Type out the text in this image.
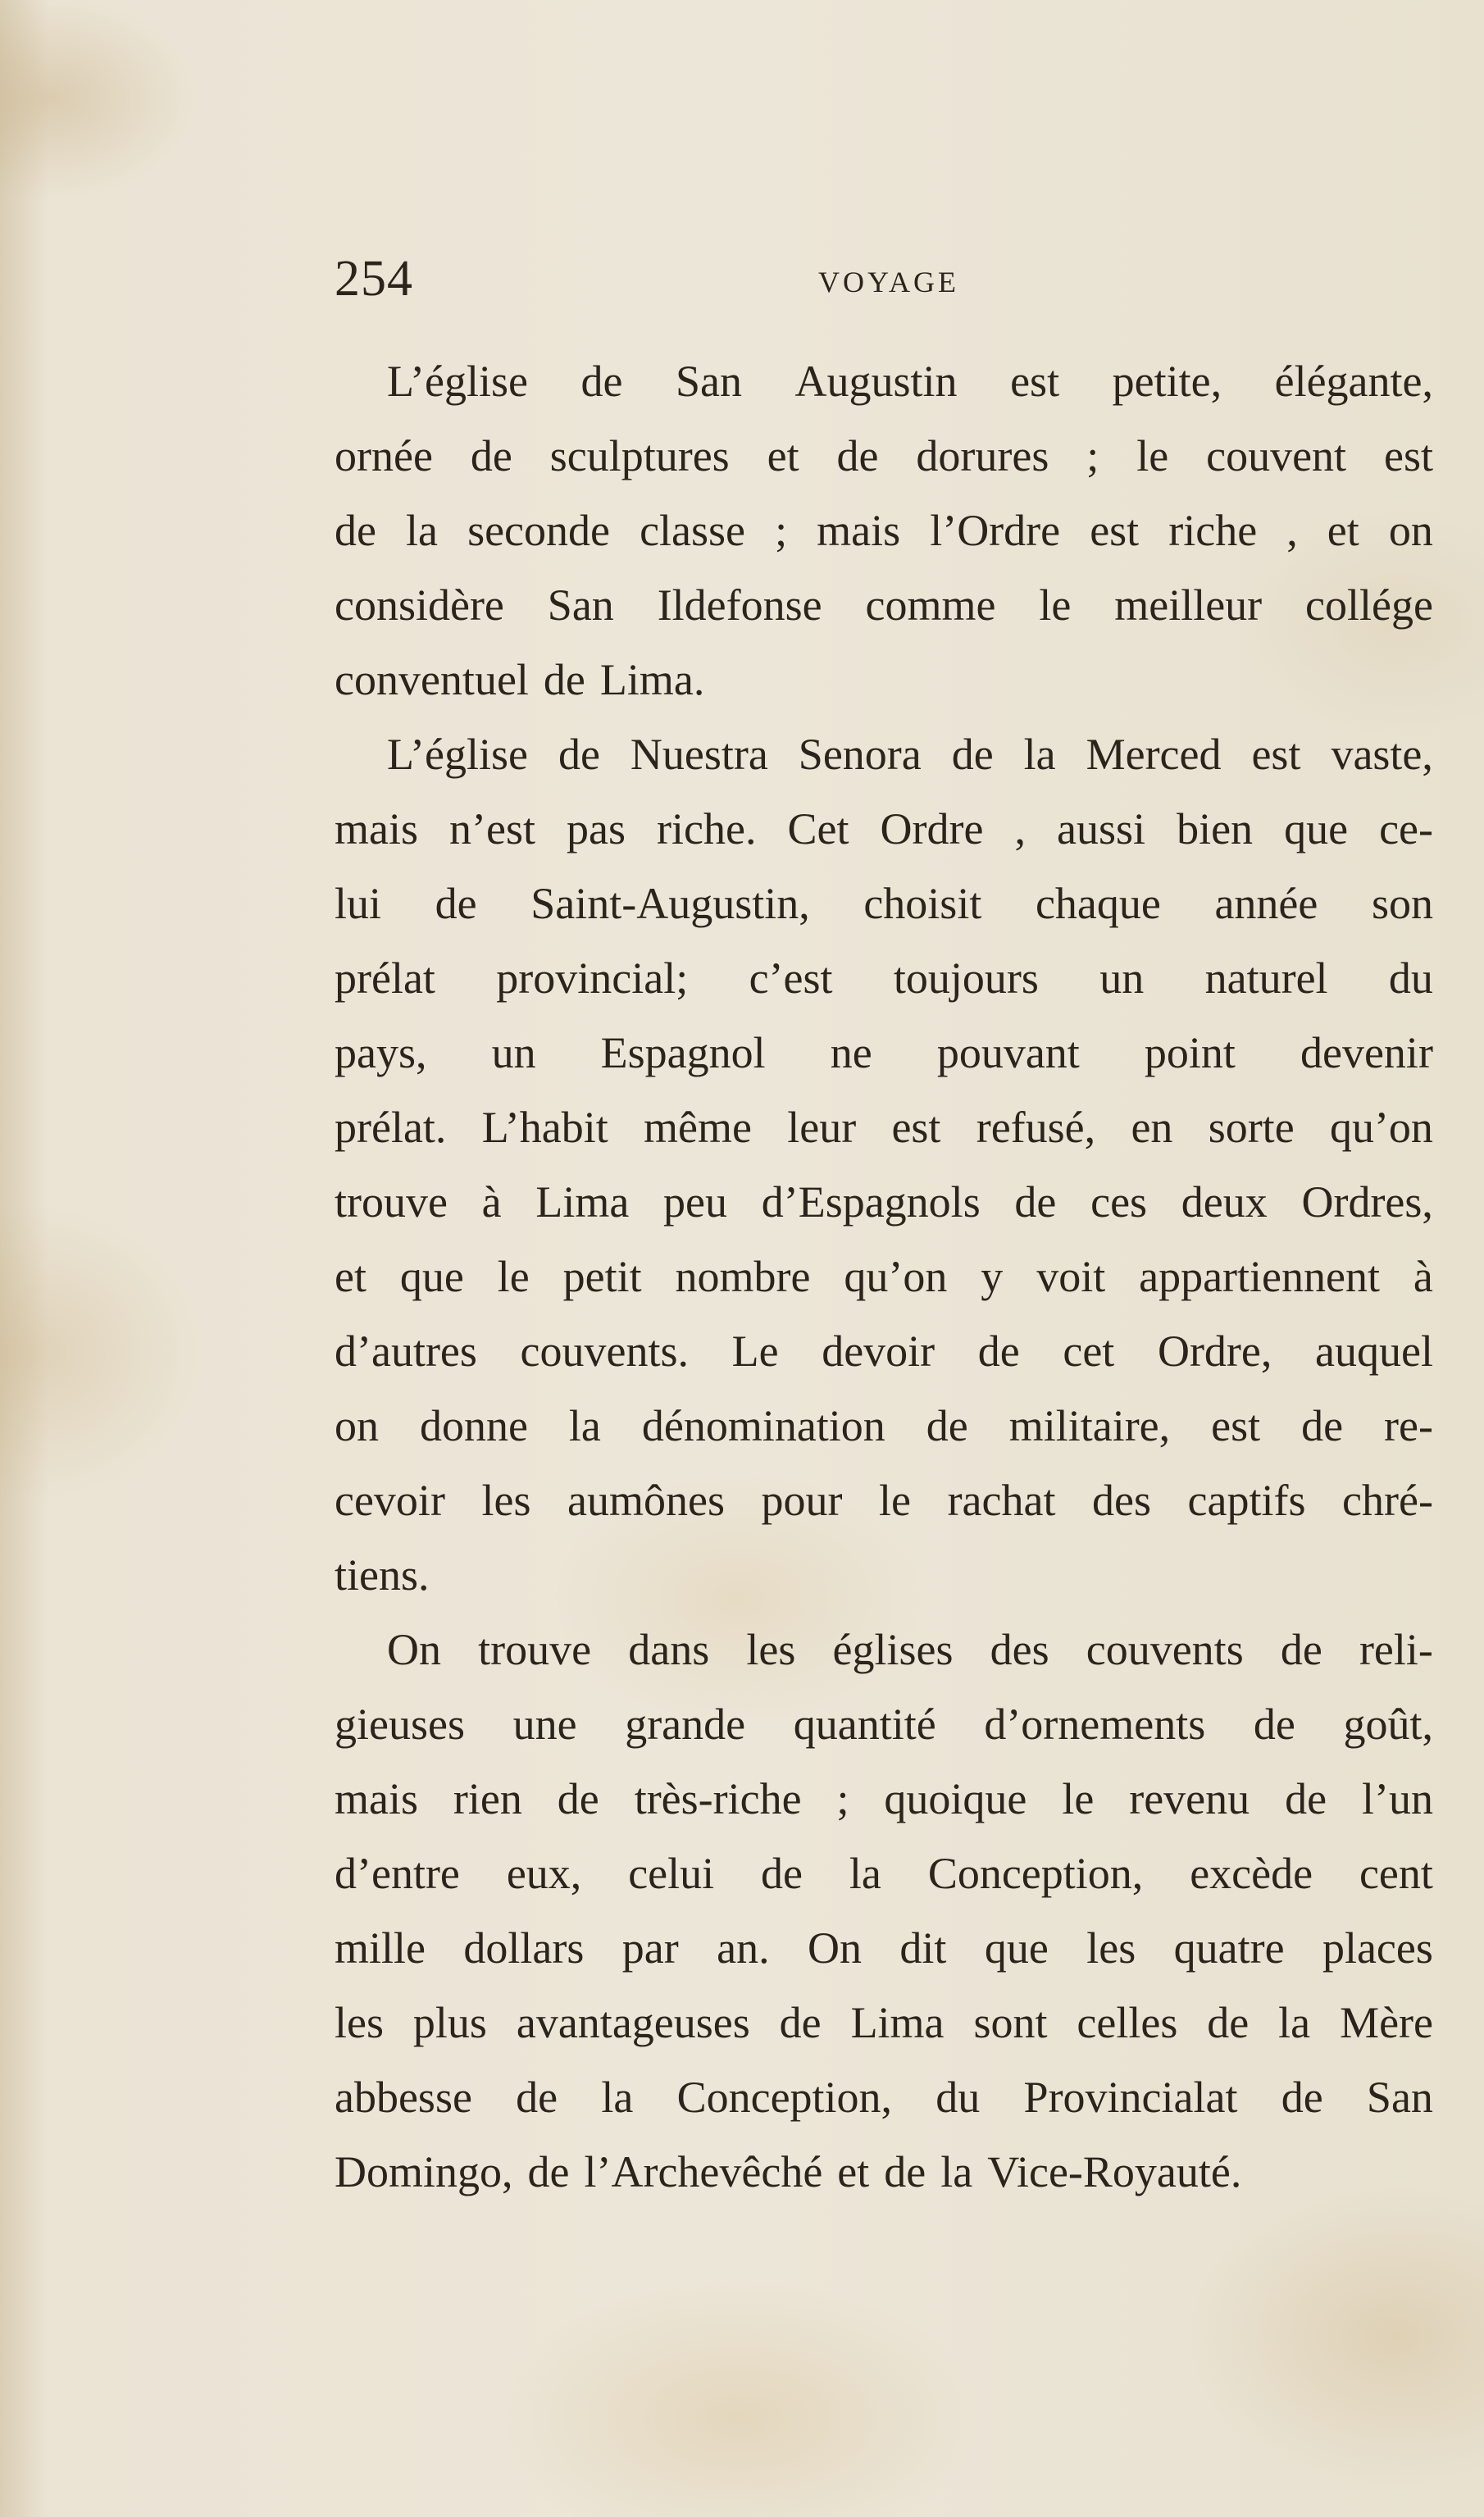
254	VOYAGE
L’église de San Augustin est petite, élégante,
ornée de sculptures et de dorures ; le couvent est
de la seconde classe ; mais l’Ordre est riche , et on
considère San Ildefonse comme le meilleur collége
conventuel de Lima.
L’église de Nuestra Senora de la Merced est vaste,
mais n’est pas riche. Cet Ordre , aussi bien que ce-
lui de Saint-Augustin, choisit chaque année son
prélat provincial; c’est toujours un naturel du
pays, un Espagnol ne pouvant point devenir
prélat. L’habit même leur est refusé, en sorte qu’on
trouve à Lima peu d’Espagnols de ces deux Ordres,
et que le petit nombre qu’on y voit appartiennent à
d’autres couvents. Le devoir de cet Ordre, auquel
on donne la dénomination de militaire, est de re-
cevoir les aumônes pour le rachat des captifs chré-
tiens.
On trouve dans les églises des couvents de reli-
gieuses une grande quantité d’ornements de goût,
mais rien de très-riche ; quoique le revenu de l’un
d’entre eux, celui de la Conception, excède cent
mille dollars par an. On dit que les quatre places
les plus avantageuses de Lima sont celles de la Mère
abbesse de la Conception, du Provincialat de San
Domingo, de l’Archevêché et de la Vice-Royauté.
